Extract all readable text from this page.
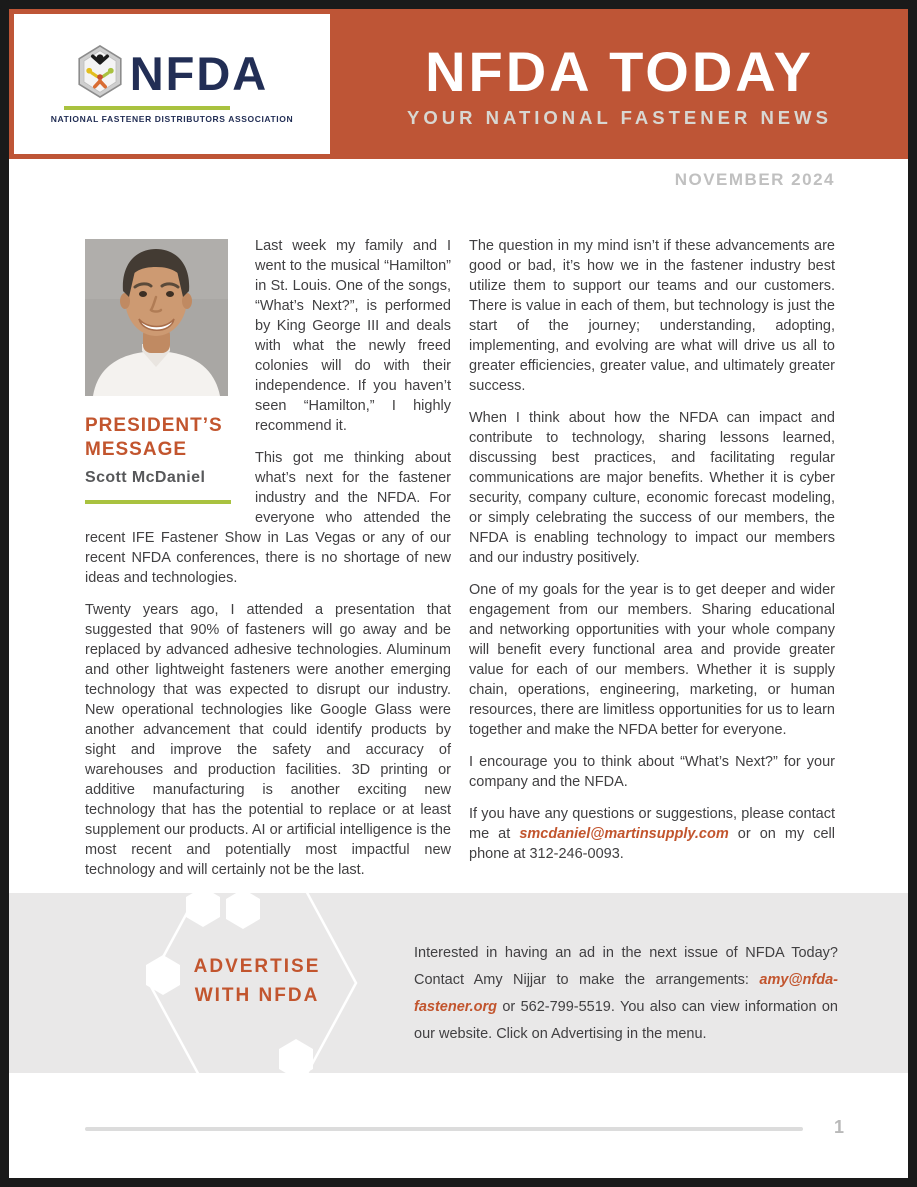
NFDA
NATIONAL FASTENER DISTRIBUTORS ASSOCIATION
NFDA TODAY
YOUR NATIONAL FASTENER NEWS
NOVEMBER 2024
PRESIDENT’S MESSAGE
Scott McDaniel

Last week my family and I went to the musical “Hamilton” in St. Louis. One of the songs, “What’s Next?”, is performed by King George III and deals with what the newly freed colonies will do with their independence. If you haven’t seen “Hamilton,” I highly recommend it.

This got me thinking about what’s next for the fastener industry and the NFDA. For everyone who attended the recent IFE Fastener Show in Las Vegas or any of our recent NFDA conferences, there is no shortage of new ideas and technologies.

Twenty years ago, I attended a presentation that suggested that 90% of fasteners will go away and be replaced by advanced adhesive technologies. Aluminum and other lightweight fasteners were another emerging technology that was expected to disrupt our industry. New operational technologies like Google Glass were another advancement that could identify products by sight and improve the safety and accuracy of warehouses and production facilities. 3D printing or additive manufacturing is another exciting new technology that has the potential to replace or at least supplement our products. AI or artificial intelligence is the most recent and potentially most impactful new technology and will certainly not be the last.

The question in my mind isn’t if these advancements are good or bad, it’s how we in the fastener industry best utilize them to support our teams and our customers. There is value in each of them, but technology is just the start of the journey; understanding, adopting, implementing, and evolving are what will drive us all to greater efficiencies, greater value, and ultimately greater success.

When I think about how the NFDA can impact and contribute to technology, sharing lessons learned, discussing best practices, and facilitating regular communications are major benefits. Whether it is cyber security, company culture, economic forecast modeling, or simply celebrating the success of our members, the NFDA is enabling technology to impact our members and our industry positively.

One of my goals for the year is to get deeper and wider engagement from our members. Sharing educational and networking opportunities with your whole company will benefit every functional area and provide greater value for each of our members. Whether it is supply chain, operations, engineering, marketing, or human resources, there are limitless opportunities for us to learn together and make the NFDA better for everyone.

I encourage you to think about “What’s Next?” for your company and the NFDA.

If you have any questions or suggestions, please contact me at smcdaniel@martinsupply.com or on my cell phone at 312-246-0093.

ADVERTISE
WITH NFDA
Interested in having an ad in the next issue of NFDA Today? Contact Amy Nijjar to make the arrangements: amy@nfda-fastener.org or 562-799-5519. You also can view information on our website. Click on Advertising in the menu.
1
